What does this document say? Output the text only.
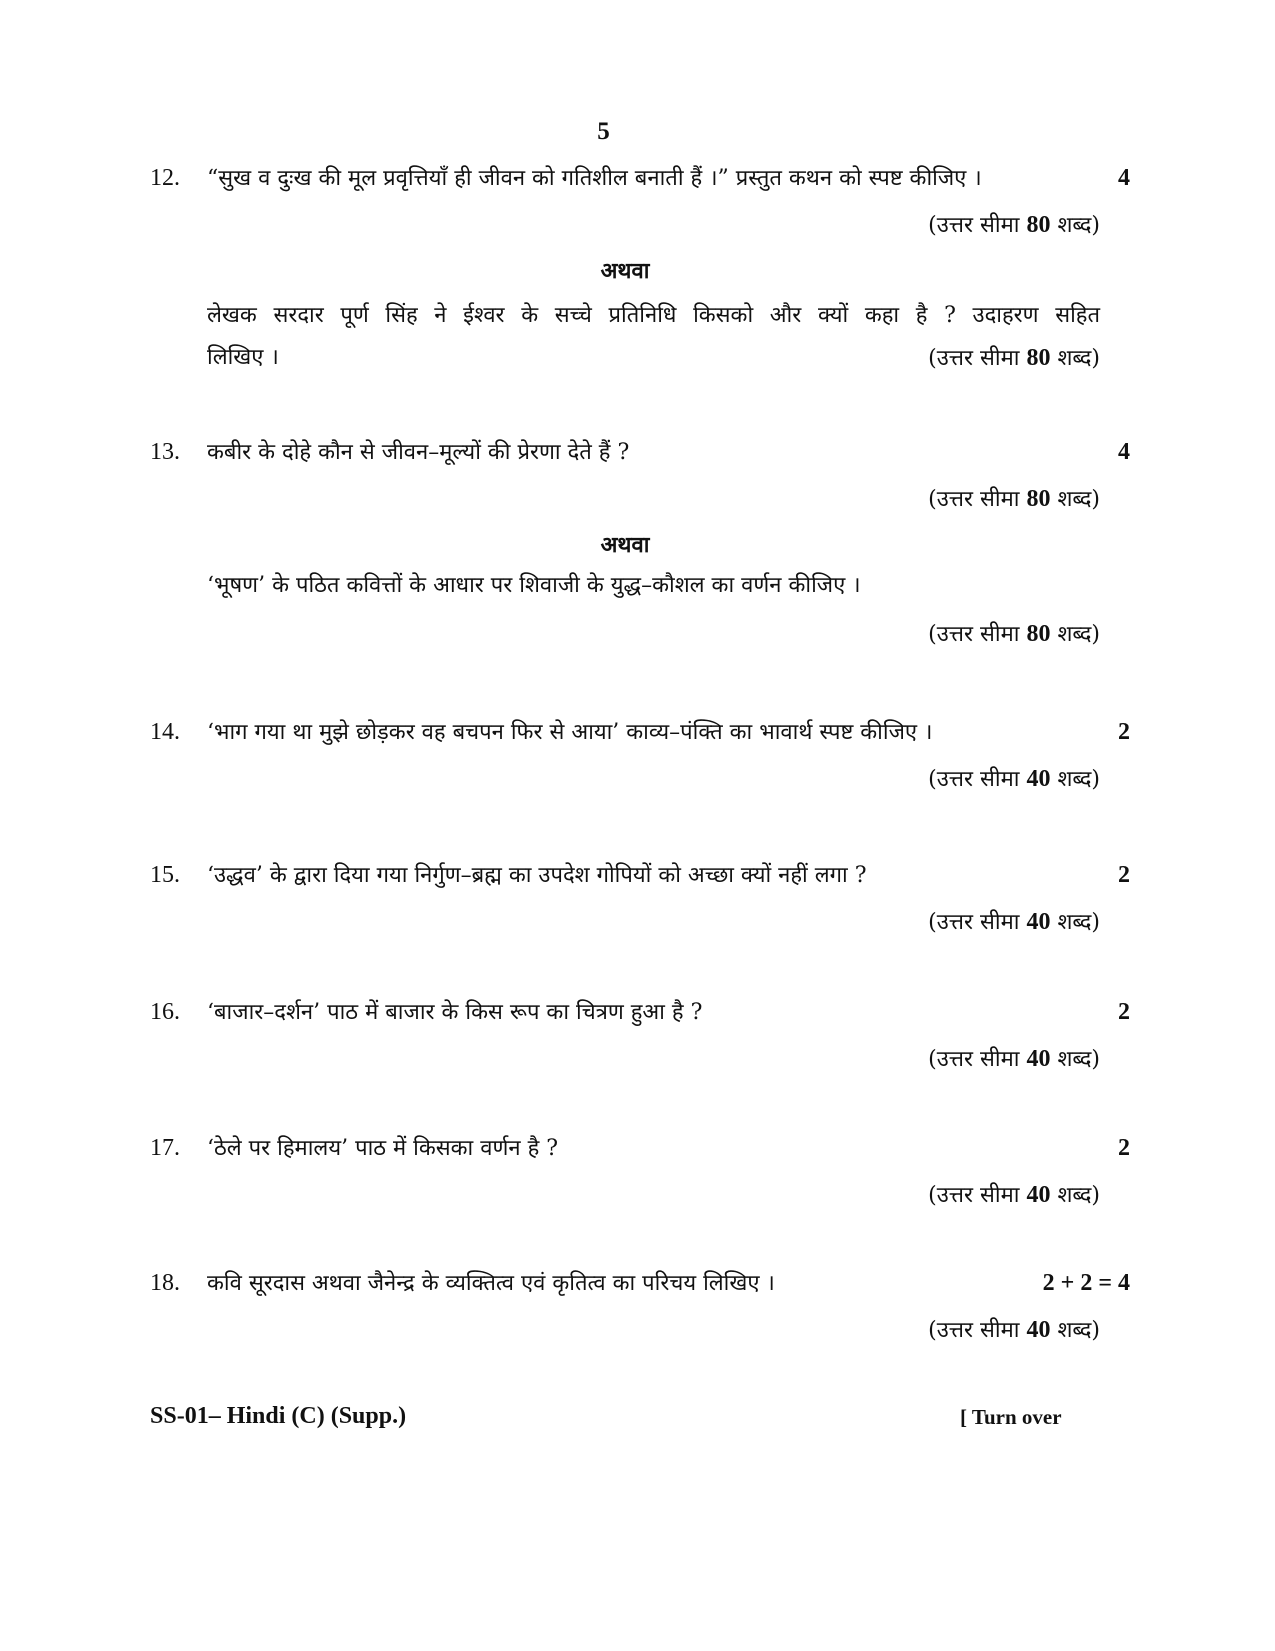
5
12.	“सुख व दुःख की मूल प्रवृत्तियाँ ही जीवन को गतिशील बनाती हैं ।” प्रस्तुत कथन को स्पष्ट कीजिए ।	4
(उत्तर सीमा 80 शब्द)
अथवा
लेखक सरदार पूर्ण सिंह ने ईश्वर के सच्चे प्रतिनिधि किसको और क्यों कहा है ? उदाहरण सहित
लिखिए ।	(उत्तर सीमा 80 शब्द)
13.	कबीर के दोहे कौन से जीवन–मूल्यों की प्रेरणा देते हैं ?	4
(उत्तर सीमा 80 शब्द)
अथवा
‘भूषण’ के पठित कवित्तों के आधार पर शिवाजी के युद्ध–कौशल का वर्णन कीजिए ।
(उत्तर सीमा 80 शब्द)
14.	‘भाग गया था मुझे छोड़कर वह बचपन फिर से आया’ काव्य–पंक्ति का भावार्थ स्पष्ट कीजिए ।	2
(उत्तर सीमा 40 शब्द)
15.	‘उद्धव’ के द्वारा दिया गया निर्गुण–ब्रह्म का उपदेश गोपियों को अच्छा क्यों नहीं लगा ?	2
(उत्तर सीमा 40 शब्द)
16.	‘बाजार–दर्शन’ पाठ में बाजार के किस रूप का चित्रण हुआ है ?	2
(उत्तर सीमा 40 शब्द)
17.	‘ठेले पर हिमालय’ पाठ में किसका वर्णन है ?	2
(उत्तर सीमा 40 शब्द)
18.	कवि सूरदास अथवा जैनेन्द्र के व्यक्तित्व एवं कृतित्व का परिचय लिखिए ।	2 + 2 = 4
(उत्तर सीमा 40 शब्द)
SS-01– Hindi (C) (Supp.)	[ Turn over
